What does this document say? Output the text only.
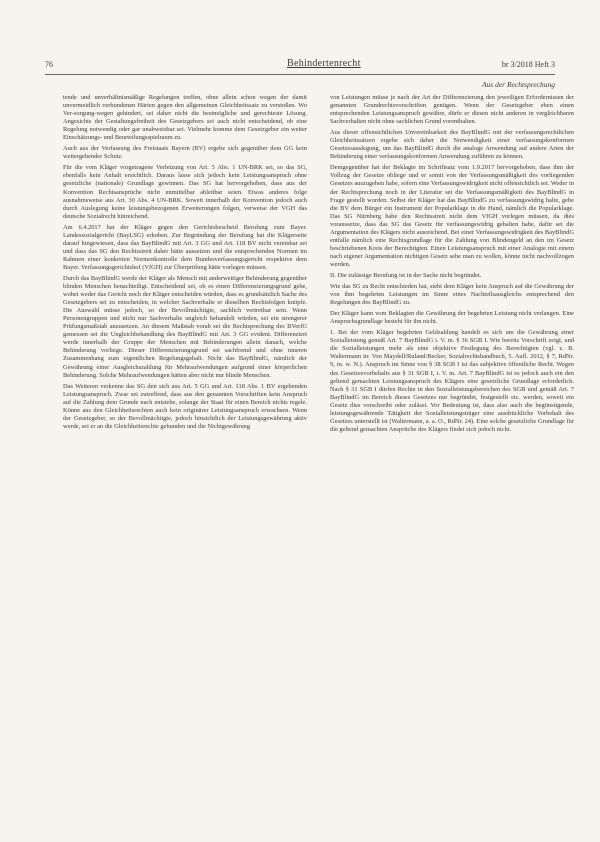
76	Behindertenrecht	br 3/2018 Heft 3
Aus der Rechtsprechung

tende und unverhältnismäßige Regelungen treffen, ohne allein schon wegen der damit unvermeidlich verbundenen Härten gegen den allgemeinen Gleichheitssatz zu verstoßen. Wo Ver-sorgung-wegen gehindert, sei daher nicht die bestmögliche und gerechteste Lösung. Angesichts der Gestaltungsfreiheit des Gesetzgebers sei auch nicht entscheidend, ob eine Regelung notwendig oder gar unabweisbar sei. Vielmehr komme dem Gesetzgeber ein weiter Einschätzungs- und Beurteilungsspielraum zu.

Auch aus der Verfassung des Freistaats Bayern (BV) ergebe sich gegenüber dem GG kein weitergehender Schutz.

Für die vom Kläger vorgetragene Verletzung von Art. 5 Abs. 1 UN-BRK sei, so das SG, ebenfalls kein Anhalt ersichtlich. Daraus lasse sich jedoch kein Leistungsanspruch ohne gesetzliche (nationale) Grundlage gewinnen. Das SG hat hervorgehoben, dass aus der Konvention Rechtsansprüche nicht unmittelbar ableitbar seien. Etwas anderes folge ausnahmsweise aus Art. 30 Abs. 4 UN-BRK. Soweit innerhalb der Konvention jedoch auch durch Auslegung keine leistungsbezogenen Erweiterungen folgen, verweise der VGH das deutsche Sozialrecht hinreichend.

Am 6.4.2017 hat der Kläger gegen den Gerichtsbescheid Berufung zum Bayer. Landessozialgericht (BayLSG) erhoben. Zur Begründung der Berufung hat die Klägerseite darauf hingewiesen, dass das BayBlindG mit Art. 3 GG und Art. 118 BV nicht vereinbar sei und dass das SG den Rechtsstreit daher hätte aussetzen und die entsprechenden Normen im Rahmen einer konkreten Normenkontrolle dem Bundesverfassungsgericht respektive dem Bayer. Verfassungsgerichtshof (VfGH) zur Überprüfung hätte vorlegen müssen.

Durch das BayBlindG werde der Kläger als Mensch mit anderweitiger Behinderung gegenüber blinden Menschen benachteiligt. Entscheidend sei, ob es einen Differenzierungsgrund gebe, wobei weder das Gericht noch der Kläger entscheiden würden, dass es grundsätzlich Sache des Gesetzgebers sei zu entscheiden, in welcher Sachverhalte er dieselben Rechtsfolgen knüpfe. Die Auswahl müsse jedoch, so der Bevollmächtigte, sachlich vertretbar sein. Wenn Personengruppen und nicht nur Sachverhalte ungleich behandelt würden, sei ein strengerer Prüfungsmaßstab anzusetzen. An diesem Maßstab vorab sei die Rechtsprechung des BVerfG gemessen sei die Ungleichbehandlung des BayBlindG mit Art. 3 GG evident. Differenziert werde innerhalb der Gruppe der Menschen mit Behinderungen allein danach, welche Behinderung vorliege. Dieser Differenzierungsgrund sei sachfremd und ohne inneren Zusammenhang zum eigentlichen Regelungsgehalt. Nicht das BayBlindG, nämlich der Gewährung einer Ausgleichszahlung für Mehraufwendungen aufgrund einer körperlichen Behinderung. Solche Mehraufwendungen hätten aber nicht nur blinde Menschen.

Das Weiteren verkenne das SG den sich aus Art. 5 GG und Art. 118 Abs. 1 BV ergebenden Leistungsanspruch. Zwar sei zutreffend, dass aus den genannten Vorschriften kein Anspruch auf die Zahlung dem Grunde nach entstehe, solange der Staat für einen Bereich nichts regele. Könne aus den Gleichheitsrechten auch kein originärer Leistungsanspruch erwachsen. Wenn der Gesetzgeber, so der Bevollmächtigte, jedoch hinsichtlich der Leistungsgewährung aktiv werde, sei er an die Gleichheitsrechte gebunden und die Nichtgewährung

von Leistungen müsse je nach der Art der Differenzierung den jeweiligen Erfordernissen der genannten Grundrechtsvorschriften genügen. Wenn der Gesetzgeber eben einen entsprechenden Leistungsanspruch gewähre, dürfe er diesen nicht anderen in vergleichbaren Sachverhalten nicht ohne sachlichen Grund vorenthalten.

Aus dieser offensichtlichen Unvereinbarkeit des BayBlindG mit der verfassungsrechtlichen Gleichheitssätzen ergebe sich daher die Notwendigkeit einer verfassungskonformen Gesetzesauslegung, um das BayBlindG durch die analoge Anwendung auf andere Arten der Behinderung einer verfassungskonformen Anwendung zuführen zu können.

Demgegenüber hat der Beklagte im Schriftsatz vom 1.9.2017 hervorgehoben, dass ihm der Vollzug der Gesetze obliege und er somit von der Verfassungsmäßigkeit des vorliegenden Gesetzes auszugehen habe, sofern eine Verfassungswidrigkeit nicht offensichtlich sei. Weder in der Rechtsprechung noch in der Literatur sei die Verfassungsmäßigkeit des BayBlindG in Frage gestellt worden. Selbst der Kläger hat das BayBlindG zu verfassungswidrig halte, gebe die BV dem Bürger ein Instrument der Popularklage in die Hand, nämlich die Popularklage. Das SG Nürnberg habe den Rechtsstreit nicht dem VfGH vorlegen müssen, da dies voraussetze, dass das SG das Gesetz für verfassungswidrig gehalten habe, dafür sei die Argumentation des Klägers nicht ausreichend. Bei einer Verfassungswidrigkeit des BayBlindG entfalle nämlich eine Rechtsgrundlage für die Zahlung von Blindengeld an den im Gesetz beschriebenen Kreis der Berechtigten. Einen Leistungsanspruch mit einer Analogie mit einem nach eigener Argumentation nichtigen Gesetz sehe man zu wollen, könne nicht nachvollzogen werden.

II. Die zulässige Berufung ist in der Sache nicht begründet.

Wie das SG zu Recht entschieden hat, steht dem Kläger kein Anspruch auf die Gewährung der von ihm begehrten Leistungen im Sinne eines Nachteilsausgleichs entsprechend den Regelungen des BayBlindG zu.

Der Kläger kann vom Beklagten die Gewährung der begehrten Leistung nicht verlangen. Eine Anspruchsgrundlage besteht für ihn nicht.

1. Bei der vom Kläger begehrten Geldzahlung handelt es sich um die Gewährung einer Sozialleistung gemäß Art. 7 BayBlindG i. V. m. § 36 SGB I. Wie bereits Vorschrift zeigt, und die Sozialleistungen mehr als eine objektive Festlegung des Berechtigten (vgl. z. B. Waltermann in: Von Maydell/Ruland/Becker, Sozialrechtshandbuch, 5. Aufl. 2012, § 7, RdNr. 9, m. w. N.). Anspruch im Sinne von § 38 SGB I ist das subjektive öffentliche Recht. Wegen des Gesetzesvorbehalts aus § 31 SGB I, i. V. m. Art. 7 BayBlindG ist es jedoch auch ein den geltend gemachten Leistungsanspruch des Klägers eine gesetzliche Grundlage erforderlich. Nach § 31 SGB I dürfen Rechte in den Sozialleistungsbereichen des SGB und gemäß Art. 7 BayBlindG im Bereich dieses Gesetzes nur begründet, festgestellt etc. werden, soweit ein Gesetz dies vorschreibt oder zulässt. Vor Bedeutung ist, dass also auch die begünstigende, leistungsgewährende Tätigkeit der Sozialleistungsträger eine ausdrückliche Vorbehalt des Gesetzes unterstellt ist (Waltermann, a. a. O., RdNr. 24). Eine solche gesetzliche Grundlage für die geltend gemachten Ansprüche des Klägers findet sich jedoch nicht.
